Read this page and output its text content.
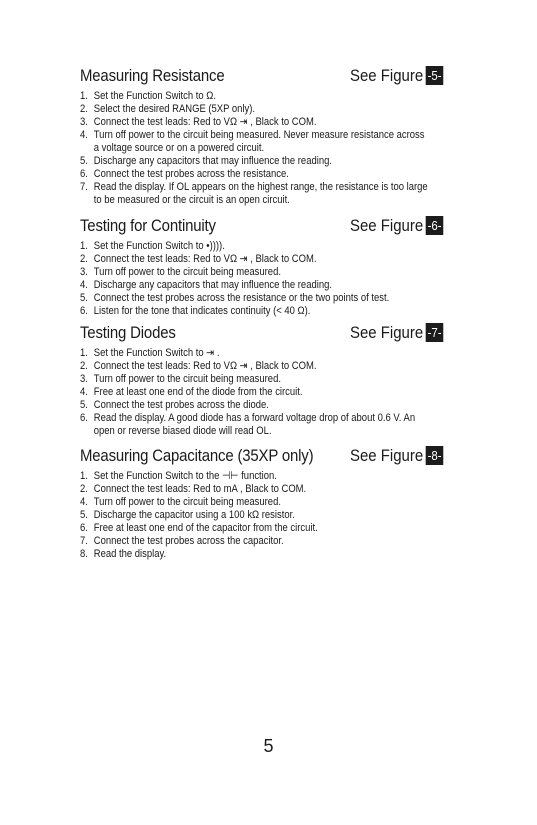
Measuring Resistance	See Figure -5-
1. Set the Function Switch to Ω.
2. Select the desired RANGE (5XP only).
3. Connect the test leads: Red to VΩ ⇥ , Black to COM.
4. Turn off power to the circuit being measured. Never measure resistance across
a voltage source or on a powered circuit.
5. Discharge any capacitors that may influence the reading.
6. Connect the test probes across the resistance.
7. Read the display. If OL appears on the highest range, the resistance is too large
to be measured or the circuit is an open circuit.
Testing for Continuity	See Figure -6-
1. Set the Function Switch to •)))).
2. Connect the test leads: Red to VΩ ⇥ , Black to COM.
3. Turn off power to the circuit being measured.
4. Discharge any capacitors that may influence the reading.
5. Connect the test probes across the resistance or the two points of test.
6. Listen for the tone that indicates continuity (< 40 Ω).
Testing Diodes	See Figure -7-
1. Set the Function Switch to ⇥ .
2. Connect the test leads: Red to VΩ ⇥ , Black to COM.
3. Turn off power to the circuit being measured.
4. Free at least one end of the diode from the circuit.
5. Connect the test probes across the diode.
6. Read the display. A good diode has a forward voltage drop of about 0.6 V. An
open or reverse biased diode will read OL.
Measuring Capacitance (35XP only) See Figure -8-
1. Set the Function Switch to the ⊣⊢ function.
2. Connect the test leads: Red to mA , Black to COM.
4. Turn off power to the circuit being measured.
5. Discharge the capacitor using a 100 kΩ resistor.
6. Free at least one end of the capacitor from the circuit.
7. Connect the test probes across the capacitor.
8. Read the display.
5
